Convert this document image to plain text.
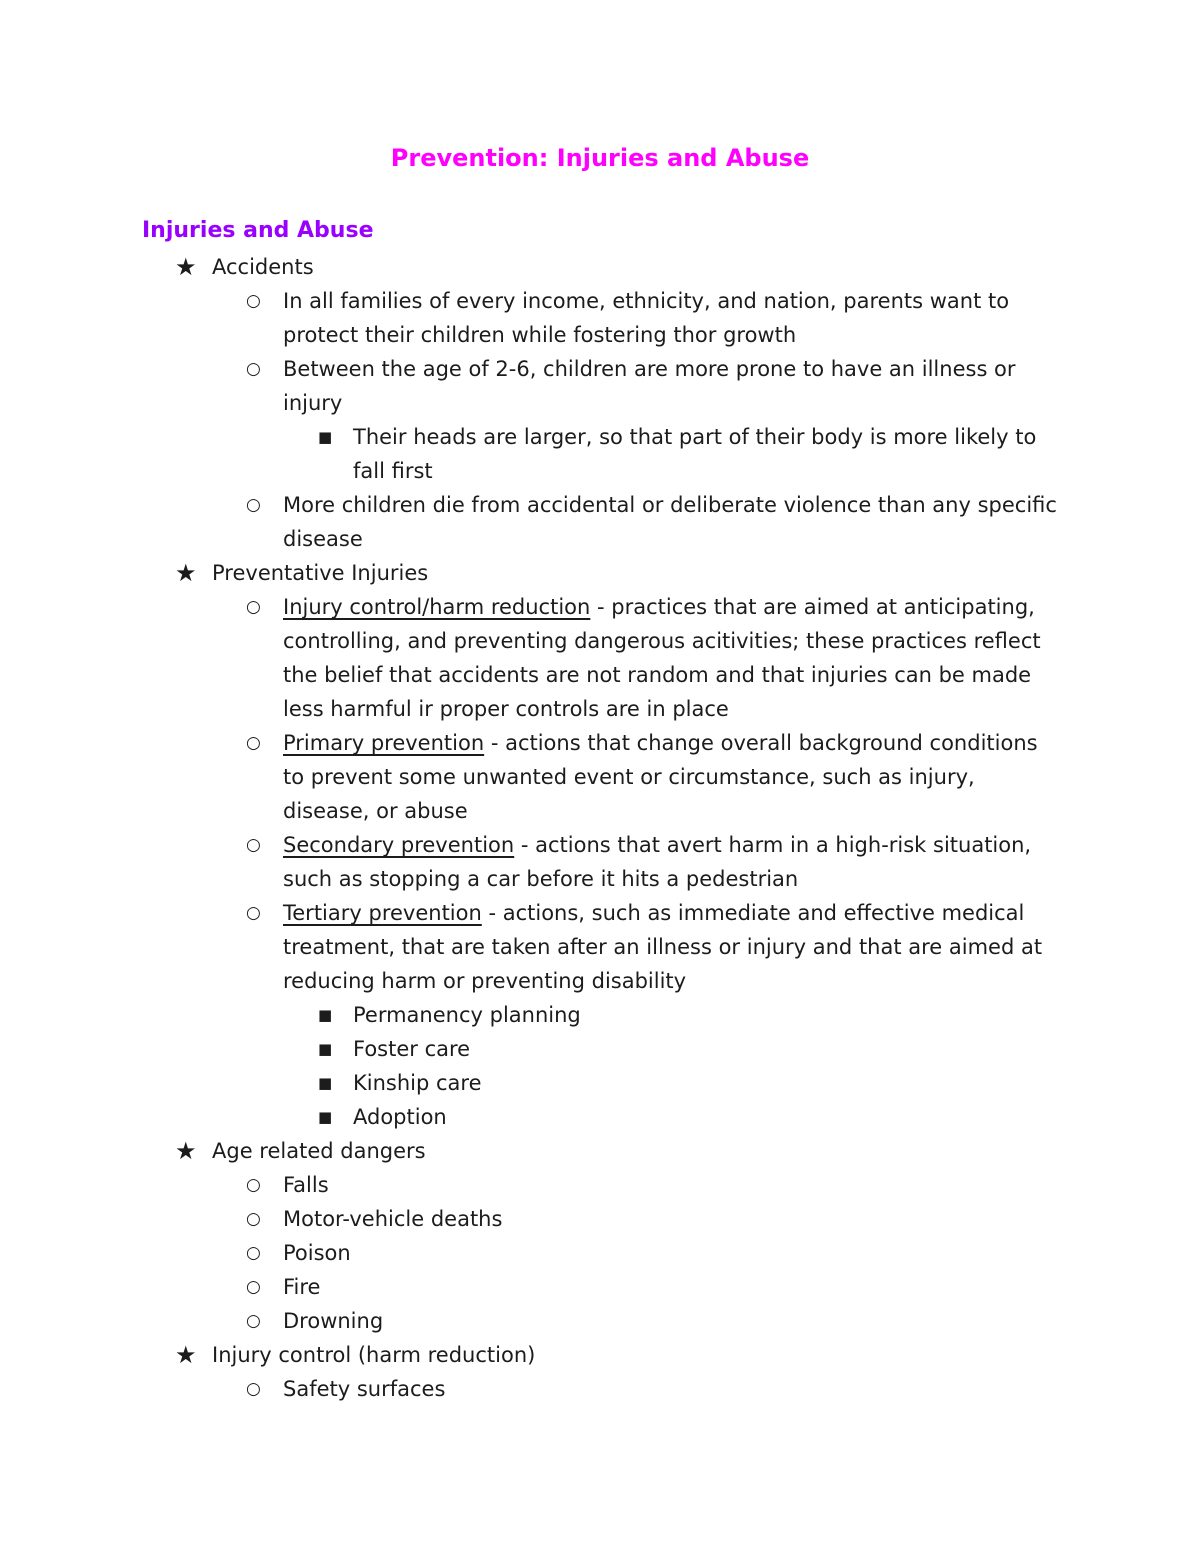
Prevention: Injuries and Abuse
Injuries and Abuse
★ Accidents
○ In all families of every income, ethnicity, and nation, parents want to protect their children while fostering thor growth
○ Between the age of 2-6, children are more prone to have an illness or injury
■ Their heads are larger, so that part of their body is more likely to fall first
○ More children die from accidental or deliberate violence than any specific disease
★ Preventative Injuries
○ Injury control/harm reduction - practices that are aimed at anticipating, controlling, and preventing dangerous acitivities; these practices reflect the belief that accidents are not random and that injuries can be made less harmful ir proper controls are in place
○ Primary prevention - actions that change overall background conditions to prevent some unwanted event or circumstance, such as injury, disease, or abuse
○ Secondary prevention - actions that avert harm in a high-risk situation, such as stopping a car before it hits a pedestrian
○ Tertiary prevention - actions, such as immediate and effective medical treatment, that are taken after an illness or injury and that are aimed at reducing harm or preventing disability
■ Permanency planning
■ Foster care
■ Kinship care
■ Adoption
★ Age related dangers
○ Falls
○ Motor-vehicle deaths
○ Poison
○ Fire
○ Drowning
★ Injury control (harm reduction)
○ Safety surfaces
